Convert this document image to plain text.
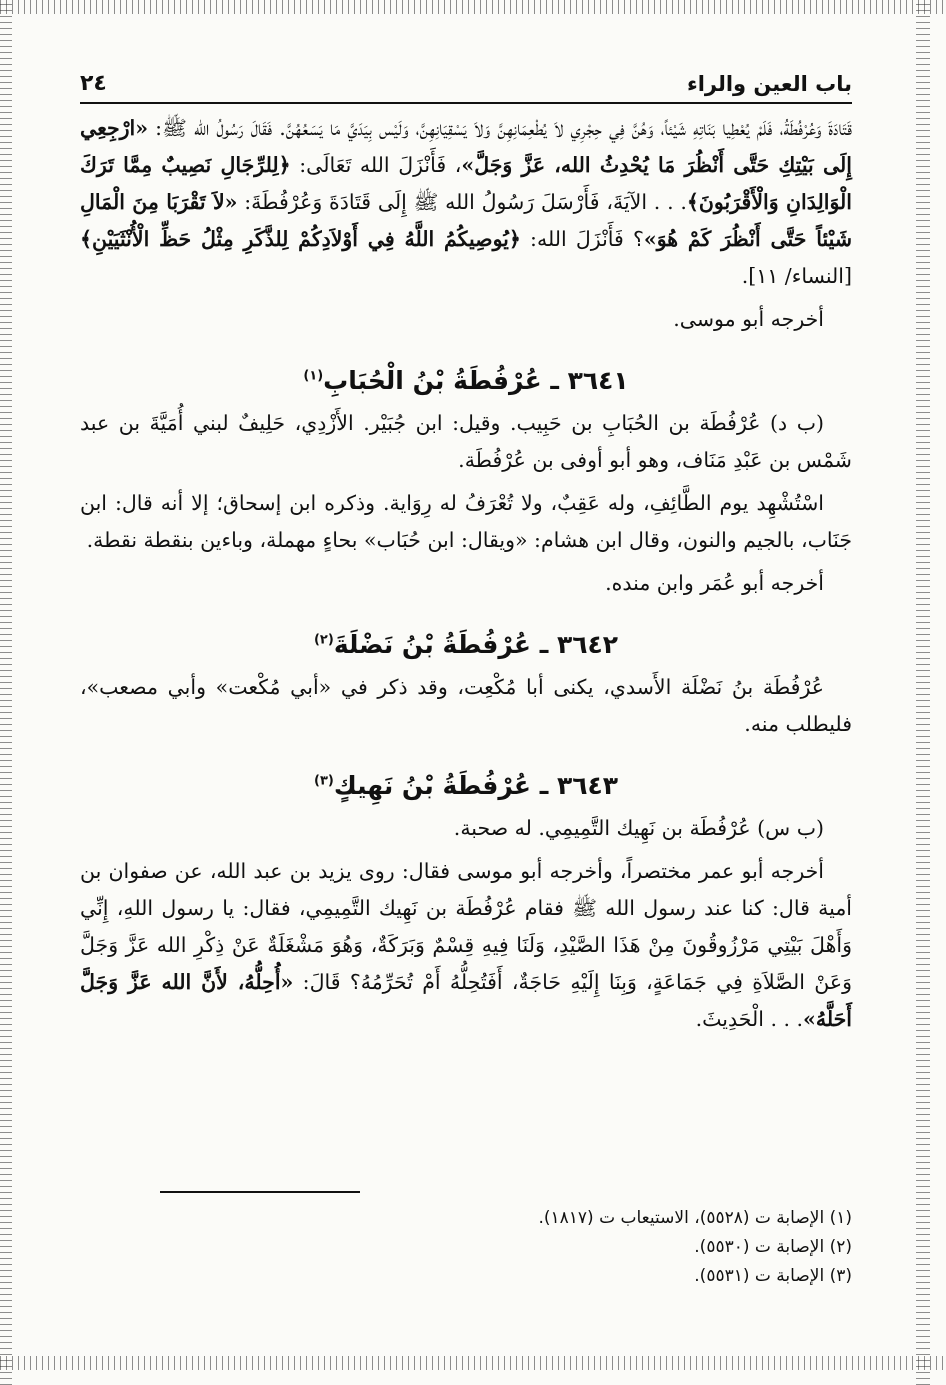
باب العين والراء
٢٤

قَتَادَةَ وَعُرْفُطَةُ، فَلَمْ يُعْطِيا بَنَاتِهِ شَيْئاً، وَهُنَّ فِي حِجْرِي لاَ يُطْعِمَانِهِنَّ وَلاَ يَسْقِيَانِهِنَّ، وَلَيْس بِيَدَيَّ مَا يَسَعُهُنَّ. فَقَالَ رَسُولُ الله ﷺ: «ارْجِعِي إِلَى بَيْتِكِ حَتَّى أَنْظُرَ مَا يُحْدِثُ الله، عَزَّ وَجَلَّ»، فَأَنْزَلَ الله تَعَالَى: ﴿لِلرِّجَالِ نَصِيبٌ مِمَّا تَرَكَ الْوَالِدَانِ وَالْأَقْرَبُونَ﴾. . . الآيَةَ، فَأَرْسَلَ رَسُولُ الله ﷺ إِلَى قَتَادَةَ وَعُرْفُطَةَ: «لاَ تَقْرَبَا مِنَ الْمَالِ شَيْئاً حَتَّى أَنْظُرَ كَمْ هُوَ»؟ فَأَنْزَلَ الله: ﴿يُوصِيكُمُ اللَّهُ فِي أَوْلاَدِكُمْ لِلذَّكَرِ مِثْلُ حَظِّ الْأُنْثَيَيْنِ﴾ [النساء/ ١١].

أخرجه أبو موسى.

٣٦٤١ ـ عُرْفُطَةُ بْنُ الْحُبَابِ$^{(١)}$

(ب د) عُرْفُطَة بن الحُبَابِ بن حَبِيب. وقيل: ابن جُبَيْر. الأَزْدِي، حَلِيفٌ لبني أُمَيَّةَ بن عبد شَمْس بن عَبْدِ مَنَاف، وهو أبو أوفى بن عُرْفُطَة.

اسْتُشْهِد يوم الطَّائِفِ، وله عَقِبٌ، ولا تُعْرَفُ له رِوَاية. وذكره ابن إسحاق؛ إلا أنه قال: ابن جَنَاب، بالجيم والنون، وقال ابن هشام: «ويقال: ابن حُبَاب» بحاءٍ مهملة، وباءين بنقطة نقطة.

أخرجه أبو عُمَر وابن منده.

٣٦٤٢ ـ عُرْفُطَةُ بْنُ نَضْلَةَ$^{(٢)}$

عُرْفُطَة بنُ نَضْلَة الأَسدي، يكنى أبا مُكْعِت، وقد ذكر في «أبي مُكْعت» وأبي مصعب»، فليطلب منه.

٣٦٤٣ ـ عُرْفُطَةُ بْنُ نَهِيكٍ$^{(٣)}$

(ب س) عُرْفُطَة بن نَهِيك التَّمِيمِي. له صحبة.

أخرجه أبو عمر مختصراً، وأخرجه أبو موسى فقال: روى يزيد بن عبد الله، عن صفوان بن أمية قال: كنا عند رسول الله ﷺ فقام عُرْفُطَة بن نَهِيك التَّمِيمِي، فقال: يا رسول اللهِ، إِنِّي وَأَهْلَ بَيْتِي مَرْزُوقُونَ مِنْ هَذَا الصَّيْدِ، وَلَنَا فِيهِ قِسْمٌ وَبَرَكَةٌ، وَهُوَ مَشْغَلَةٌ عَنْ ذِكْرِ الله عَزَّ وَجَلَّ وَعَنْ الصَّلاَةِ فِي جَمَاعَةٍ، وَبِنَا إِلَيْهِ حَاجَةٌ، أَفَتُحِلُّهُ أَمْ تُحَرِّمُهُ؟ قَالَ: «أُحِلُّهُ، لأَنَّ الله عَزَّ وَجَلَّ أَحَلَّهُ». . . الْحَدِيثَ.

(١) الإصابة ت (٥٥٢٨)، الاستيعاب ت (١٨١٧).
(٢) الإصابة ت (٥٥٣٠).
(٣) الإصابة ت (٥٥٣١).
